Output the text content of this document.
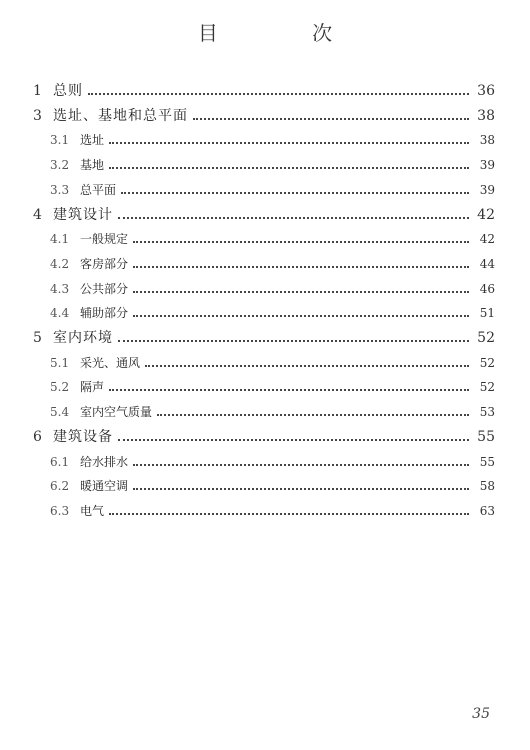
目 次
1 总则	36
3 选址、基地和总平面	38
3.1 选址	38
3.2 基地	39
3.3 总平面	39
4 建筑设计	42
4.1 一般规定	42
4.2 客房部分	44
4.3 公共部分	46
4.4 辅助部分	51
5 室内环境	52
5.1 采光、通风	52
5.2 隔声	52
5.4 室内空气质量	53
6 建筑设备	55
6.1 给水排水	55
6.2 暖通空调	58
6.3 电气	63
35
